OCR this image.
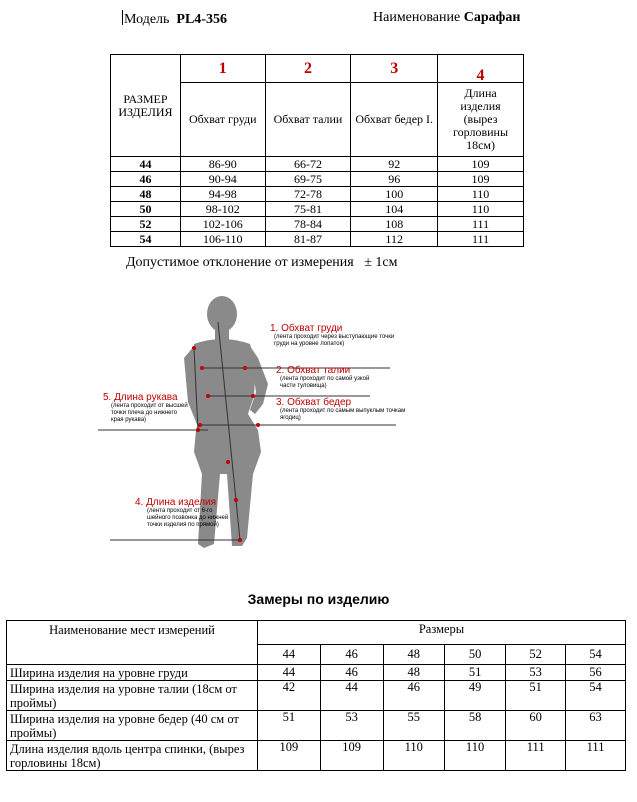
Модель PL4-356	Наименование Сарафан
РАЗМЕР ИЗДЕЛИЯ	1	2	3	4
	Обхват груди	Обхват талии	Обхват бедер I.	Длина изделия (вырез горловины 18см)
44	86-90	66-72	92	109
46	90-94	69-75	96	109
48	94-98	72-78	100	110
50	98-102	75-81	104	110
52	102-106	78-84	108	111
54	106-110	81-87	112	111
Допустимое отклонение от измерения ± 1см
1. Обхват груди
(лента проходит через выступающие точки груди на уровне лопаток)
2. Обхват талии
(лента проходит по самой узкой части туловища)
3. Обхват бедер
(лента проходит по самым выпуклым точкам ягодиц)
4. Длина изделия
(лента проходит от 6-го шейного позвонка до нижней точки изделия по прямой)
5. Длина рукава
(лента проходит от высшей точки плеча до нижнего края рукава)
Замеры по изделию
Наименование мест измерений	Размеры					
	44	46	48	50	52	54
Ширина изделия на уровне груди	44	46	48	51	53	56
Ширина изделия на уровне талии (18см от проймы)	42	44	46	49	51	54
Ширина изделия на уровне бедер (40 см от проймы)	51	53	55	58	60	63
Длина изделия вдоль центра спинки, (вырез горловины 18см)	109	109	110	110	111	111
